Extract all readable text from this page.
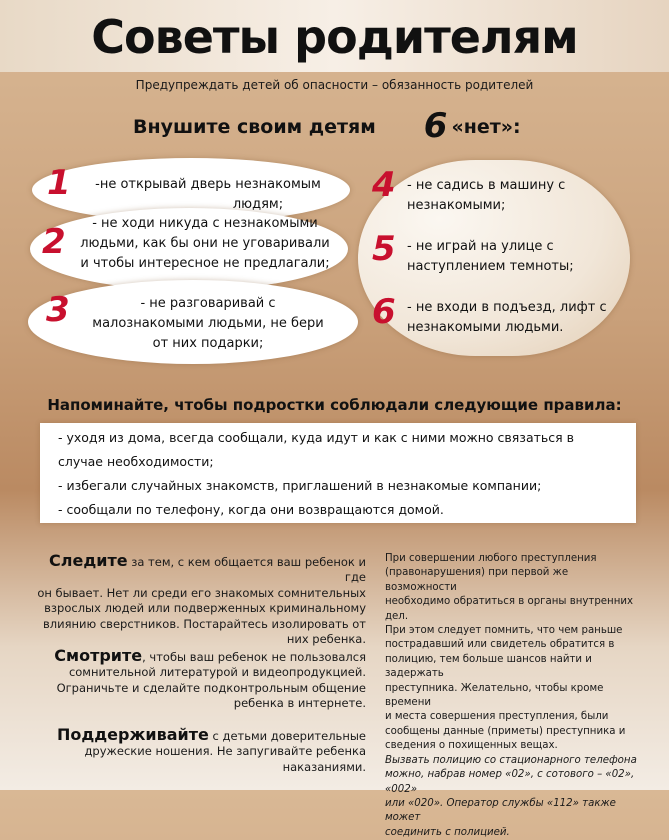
Советы родителям
Предупреждать детей об опасности – обязанность родителей
Внушите своим детям 6 «нет»:
1
2
3
4
5
6

-не открывай дверь незнакомым

людям;

- не ходи никуда с незнакомыми

людьми, как бы они не уговаривали

и чтобы интересное не предлагали;

- не разговаривай с

малознакомыми людьми, не бери

от них подарки;

- не садись в машину с

незнакомыми;

- не играй на улице с

наступлением темноты;

- не входи в подъезд, лифт с

незнакомыми людьми.

Напоминайте, чтобы подростки соблюдали следующие правила:
- уходя из дома, всегда сообщали, куда идут и как с ними можно связаться в
случае необходимости;
- избегали случайных знакомств, приглашений в незнакомые компании;
- сообщали по телефону, когда они возвращаются домой.

Следите за тем, с кем общается ваш ребенок и где

он бывает. Нет ли среди его знакомых сомнительных

взрослых людей или подверженных криминальному

влиянию сверстников. Постарайтесь изолировать от

них ребенка.

Смотрите, чтобы ваш ребенок не пользовался

сомнительной литературой и видеопродукцией.

Ограничьте и сделайте подконтрольным общение

ребенка в интернете.

Поддерживайте с детьми доверительные

дружеские ношения. Не запугивайте ребенка

наказаниями.

При совершении любого преступления

(правонарушения) при первой же возможности

необходимо обратиться в органы внутренних дел.

При этом следует помнить, что чем раньше

пострадавший или свидетель обратится в

полицию, тем больше шансов найти и задержать

преступника. Желательно, чтобы кроме времени

и места совершения преступления, были

сообщены данные (приметы) преступника и

сведения о похищенных вещах.

Вызвать полицию со стационарного телефона

можно, набрав номер «02», с сотового – «02», «002»

или «020». Оператор службы «112» также может

соединить с полицией.
